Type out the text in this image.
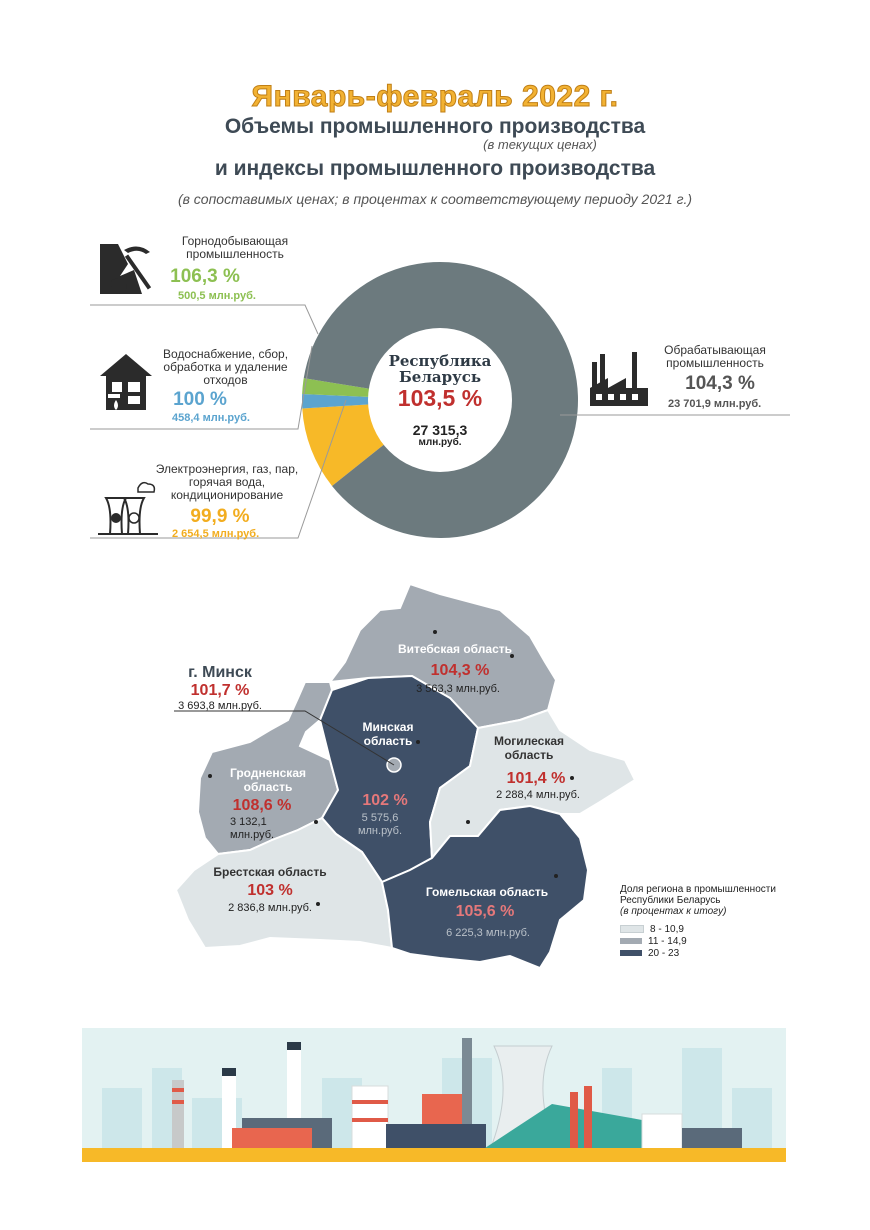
Январь-февраль 2022 г.
Объемы промышленного производства
(в текущих ценах)
и индексы промышленного производства
(в сопоставимых ценах; в процентах к соответствующему периоду 2021 г.)
Республика
Беларусь
103,5 %
27 315,3
млн.руб.
Горнодобывающая
промышленность
106,3 %
500,5 млн.руб.
Водоснабжение, сбор,
обработка и удаление
отходов
100 %
458,4 млн.руб.
Электроэнергия, газ, пар,
горячая вода,
кондиционирование
99,9 %
2 654,5 млн.руб.
Обрабатывающая
промышленность
104,3 %
23 701,9 млн.руб.
Витебская область
104,3 %
3 563,3 млн.руб.
г. Минск
101,7 %
3 693,8 млн.руб.
Минская
область
102 %
5 575,6
млн.руб.
Могилеская
область
101,4 %
2 288,4 млн.руб.
Гродненская
область
108,6 %
3 132,1
млн.руб.
Брестская область
103 %
2 836,8 млн.руб.
Гомельская область
105,6 %
6 225,3 млн.руб.
Доля региона в промышленности Республики Беларусь
(в процентах к итогу)
8 - 10,9
11 - 14,9
20 - 23
